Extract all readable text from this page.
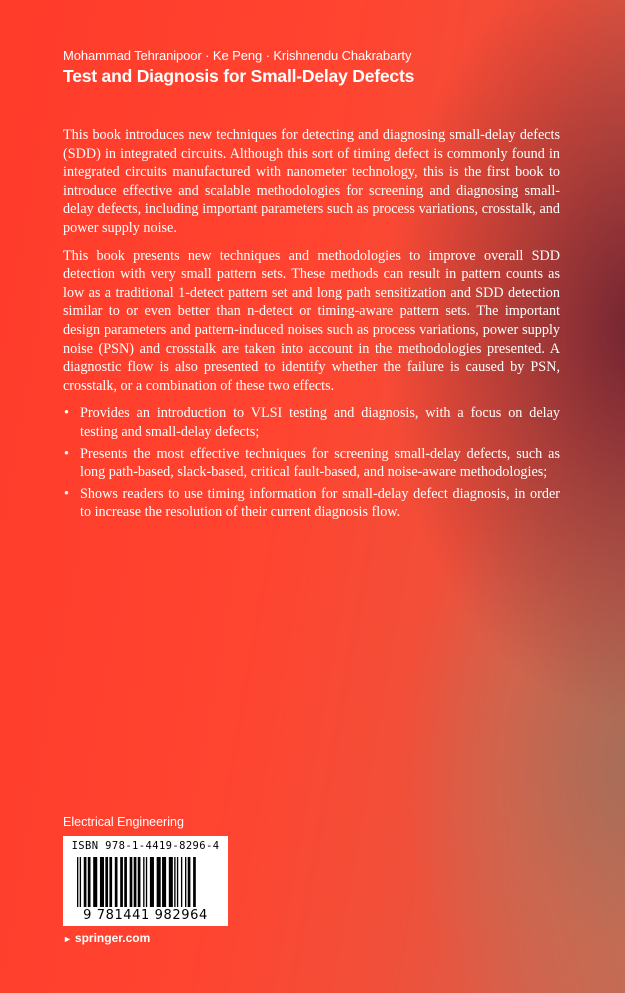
Mohammad Tehranipoor · Ke Peng · Krishnendu Chakrabarty
Test and Diagnosis for Small-Delay Defects

This book introduces new techniques for detecting and diagnosing small-delay defects (SDD) in integrated circuits. Although this sort of timing defect is commonly found in integrated circuits manufactured with nanometer technology, this is the first book to introduce effective and scalable methodologies for screening and diagnosing small-delay defects, including important parameters such as process variations, crosstalk, and power supply noise.

This book presents new techniques and methodologies to improve overall SDD detection with very small pattern sets. These methods can result in pattern counts as low as a traditional 1-detect pattern set and long path sensitization and SDD detection similar to or even better than n-detect or timing-aware pattern sets. The important design parameters and pattern-induced noises such as process variations, power supply noise (PSN) and crosstalk are taken into account in the methodologies presented. A diagnostic flow is also presented to identify whether the failure is caused by PSN, crosstalk, or a combination of these two effects.

• Provides an introduction to VLSI testing and diagnosis, with a focus on delay testing and small-delay defects;
• Presents the most effective techniques for screening small-delay defects, such as long path-based, slack-based, critical fault-based, and noise-aware methodologies;
• Shows readers to use timing information for small-delay defect diagnosis, in order to increase the resolution of their current diagnosis flow.
Electrical Engineering
ISBN 978-1-4419-8296-4
9 781441 982964
► springer.com
